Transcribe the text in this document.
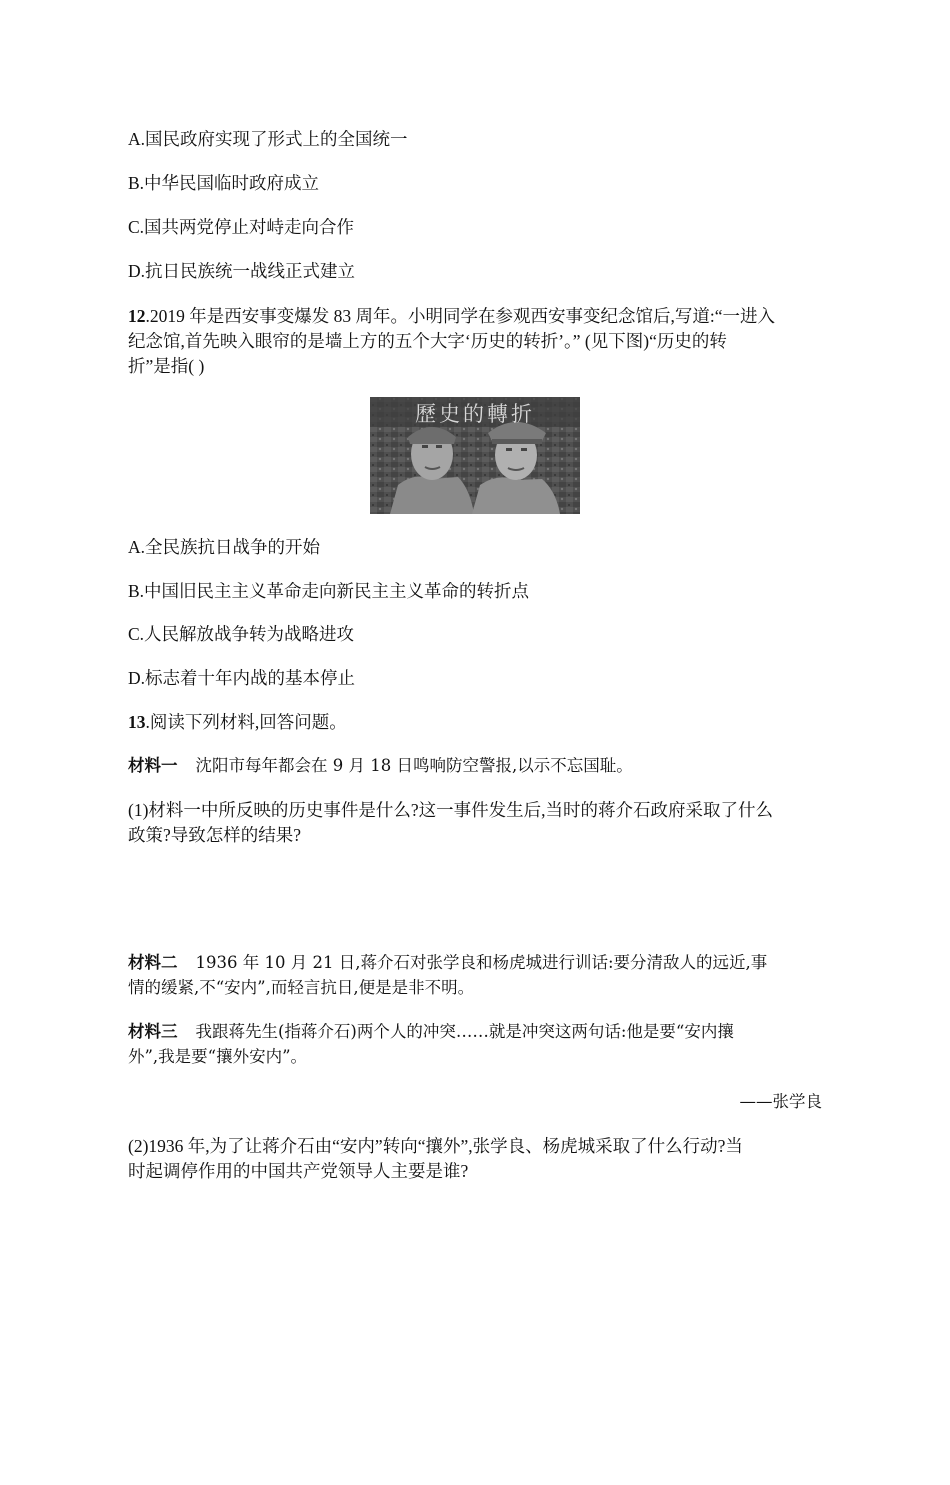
A.国民政府实现了形式上的全国统一
B.中华民国临时政府成立
C.国共两党停止对峙走向合作
D.抗日民族统一战线正式建立
12.2019 年是西安事变爆发 83 周年。小明同学在参观西安事变纪念馆后,写道:“一进入
纪念馆,首先映入眼帘的是墙上方的五个大字‘历史的转折’。” (见下图)“历史的转
折”是指( )
歷史的轉折
A.全民族抗日战争的开始
B.中国旧民主主义革命走向新民主主义革命的转折点
C.人民解放战争转为战略进攻
D.标志着十年内战的基本停止
13.阅读下列材料,回答问题。
材料一 沈阳市每年都会在 9 月 18 日鸣响防空警报,以示不忘国耻。
(1)材料一中所反映的历史事件是什么?这一事件发生后,当时的蒋介石政府采取了什么
政策?导致怎样的结果?
材料二 1936 年 10 月 21 日,蒋介石对张学良和杨虎城进行训话:要分清敌人的远近,事
情的缓紧,不“安内”,而轻言抗日,便是是非不明。
材料三 我跟蒋先生(指蒋介石)两个人的冲突……就是冲突这两句话:他是要“安内攘
外”,我是要“攘外安内”。
——张学良
(2)1936 年,为了让蒋介石由“安内”转向“攘外”,张学良、杨虎城采取了什么行动?当
时起调停作用的中国共产党领导人主要是谁?
